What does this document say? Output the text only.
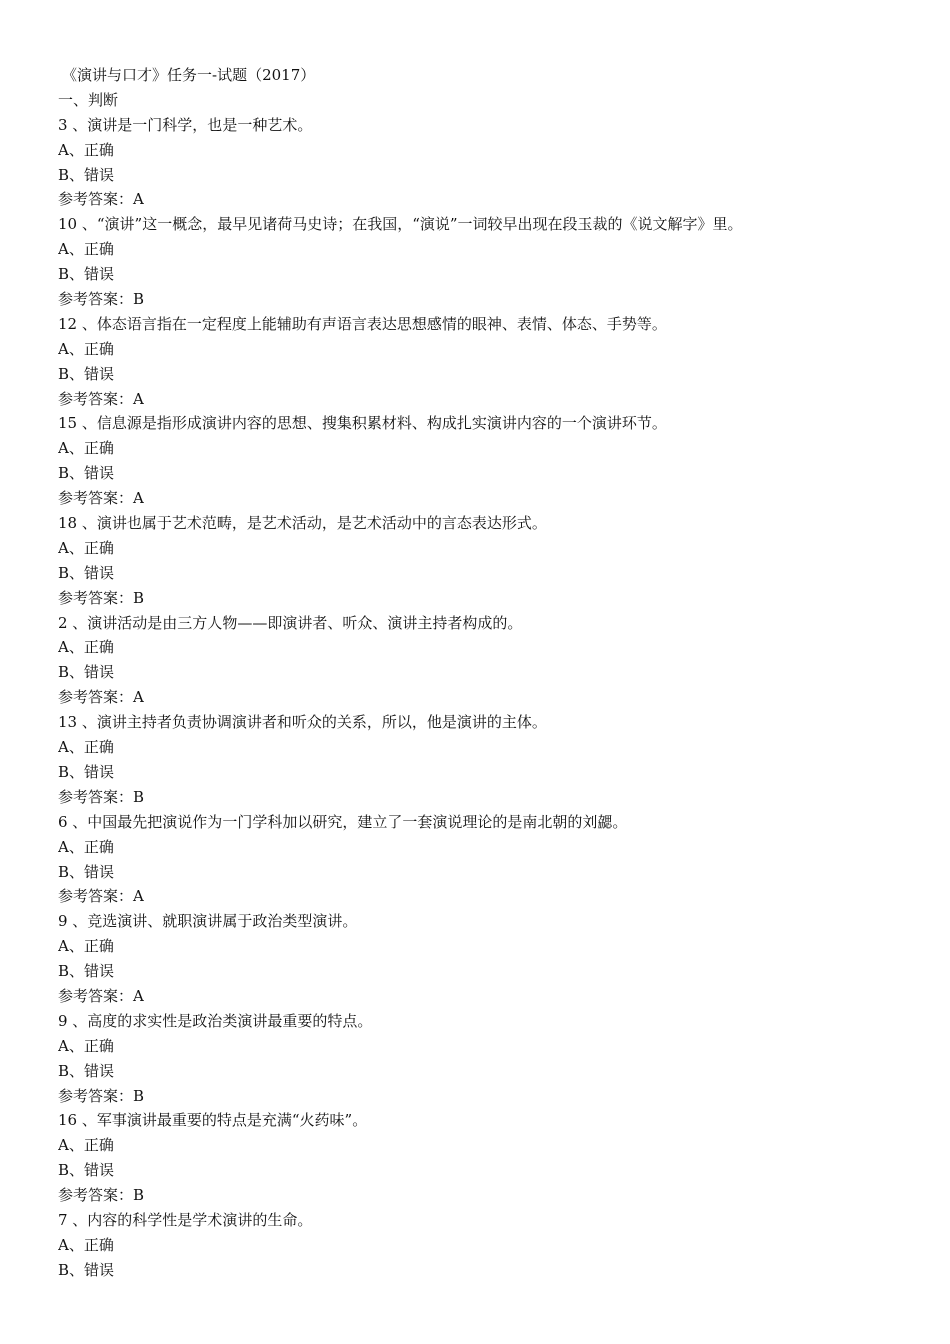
《演讲与口才》任务一-试题（2017）
一、判断
3 、演讲是一门科学，也是一种艺术。
A、正确
B、错误
参考答案：A
10 、“演讲”这一概念，最早见诸荷马史诗；在我国，“演说”一词较早出现在段玉裁的《说文解字》里。
A、正确
B、错误
参考答案：B
12 、体态语言指在一定程度上能辅助有声语言表达思想感情的眼神、表情、体态、手势等。
A、正确
B、错误
参考答案：A
15 、信息源是指形成演讲内容的思想、搜集积累材料、构成扎实演讲内容的一个演讲环节。
A、正确
B、错误
参考答案：A
18 、演讲也属于艺术范畴，是艺术活动，是艺术活动中的言态表达形式。
A、正确
B、错误
参考答案：B
2 、演讲活动是由三方人物——即演讲者、听众、演讲主持者构成的。
A、正确
B、错误
参考答案：A
13 、演讲主持者负责协调演讲者和听众的关系，所以，他是演讲的主体。
A、正确
B、错误
参考答案：B
6 、中国最先把演说作为一门学科加以研究，建立了一套演说理论的是南北朝的刘勰。
A、正确
B、错误
参考答案：A
9 、竞选演讲、就职演讲属于政治类型演讲。
A、正确
B、错误
参考答案：A
9 、高度的求实性是政治类演讲最重要的特点。
A、正确
B、错误
参考答案：B
16 、军事演讲最重要的特点是充满“火药味”。
A、正确
B、错误
参考答案：B
7 、内容的科学性是学术演讲的生命。
A、正确
B、错误
